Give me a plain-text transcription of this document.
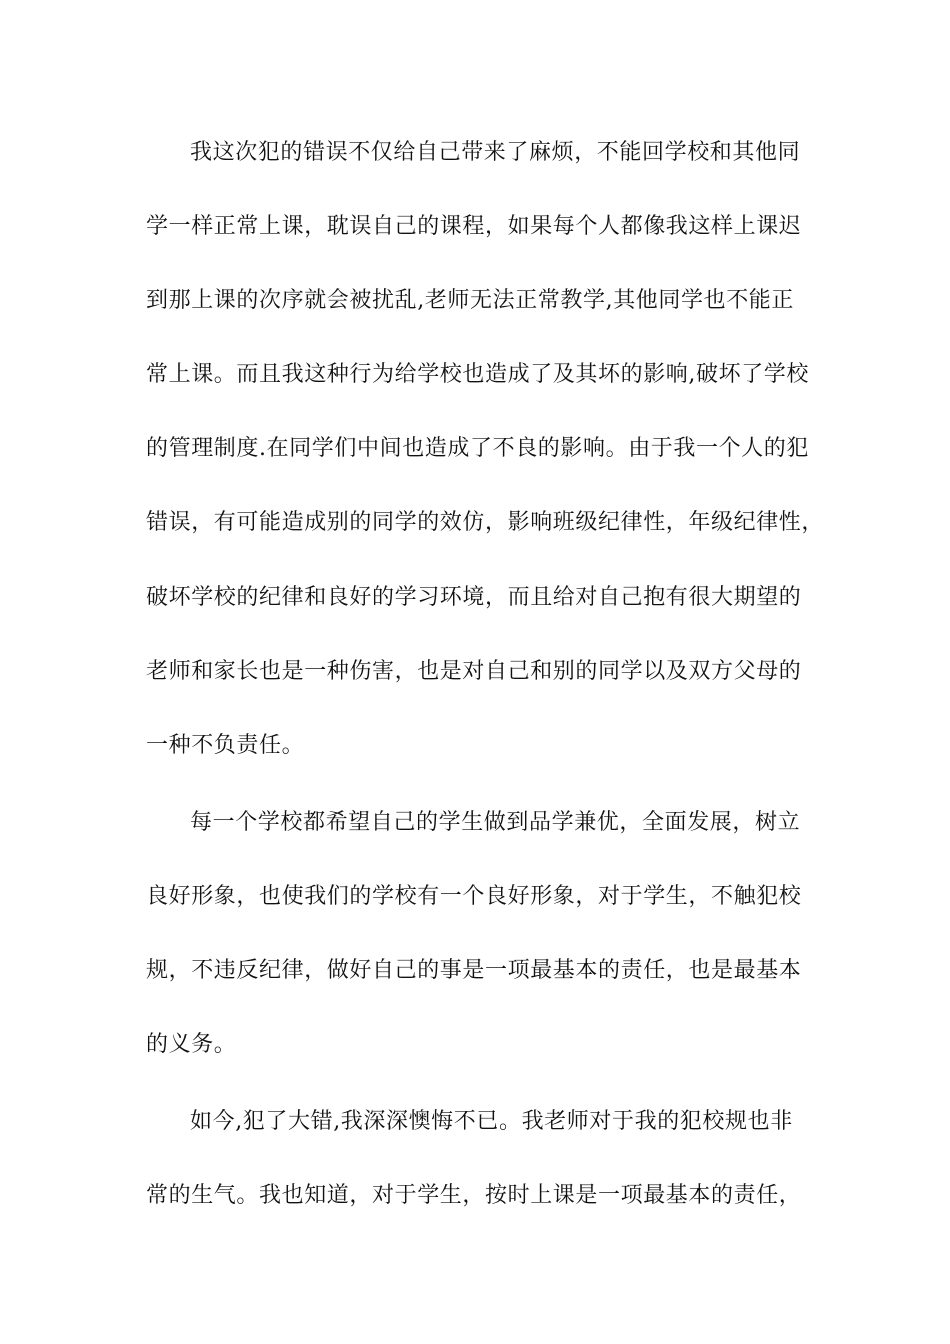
我这次犯的错误不仅给自己带来了麻烦，不能回学校和其他同
学一样正常上课，耽误自己的课程，如果每个人都像我这样上课迟
到那上课的次序就会被扰乱,老师无法正常教学,其他同学也不能正
常上课。而且我这种行为给学校也造成了及其坏的影响,破坏了学校
的管理制度.在同学们中间也造成了不良的影响。由于我一个人的犯
错误，有可能造成别的同学的效仿，影响班级纪律性，年级纪律性，
破坏学校的纪律和良好的学习环境，而且给对自己抱有很大期望的
老师和家长也是一种伤害，也是对自己和别的同学以及双方父母的
一种不负责任。
每一个学校都希望自己的学生做到品学兼优，全面发展，树立
良好形象，也使我们的学校有一个良好形象，对于学生，不触犯校
规，不违反纪律，做好自己的事是一项最基本的责任，也是最基本
的义务。
如今,犯了大错,我深深懊悔不已。我老师对于我的犯校规也非
常的生气。我也知道，对于学生，按时上课是一项最基本的责任，
